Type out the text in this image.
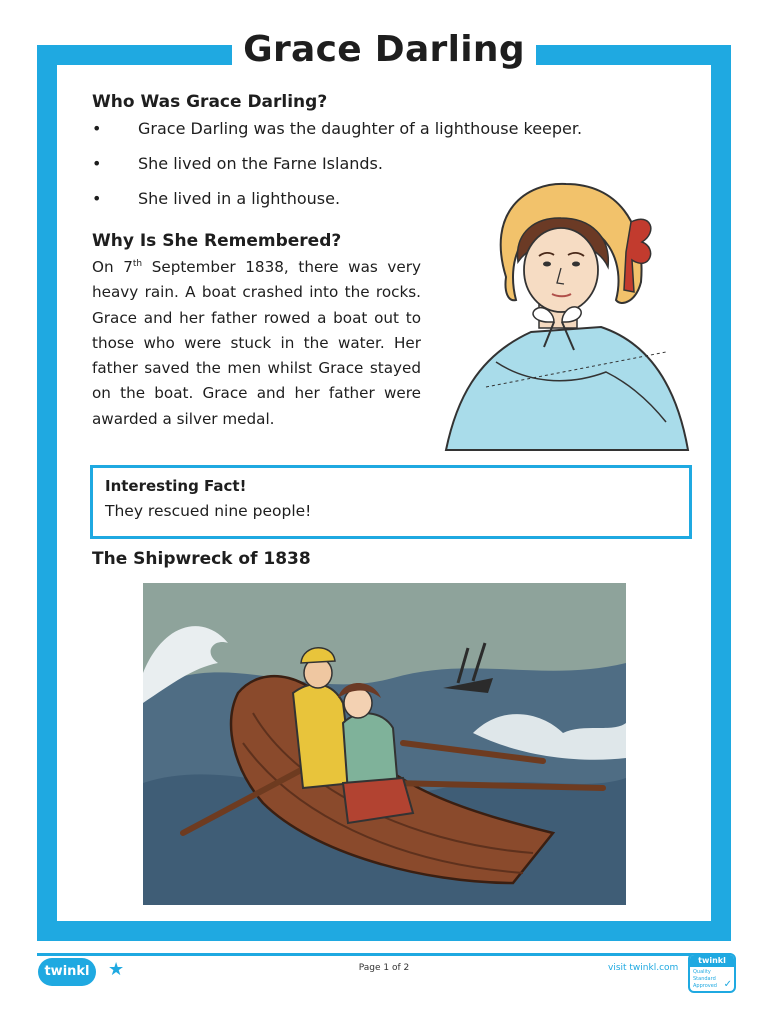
Grace Darling
Who Was Grace Darling?
• Grace Darling was the daughter of a lighthouse keeper.
• She lived on the Farne Islands.
• She lived in a lighthouse.
Why Is She Remembered?

On 7th September 1838, there was very heavy rain. A boat crashed into the rocks. Grace and her father rowed a boat out to those who were stuck in the water. Her father saved the men whilst Grace stayed on the boat. Grace and her father were awarded a silver medal.

Interesting Fact!
They rescued nine people!
The Shipwreck of 1838
twinkl	★	Page 1 of 2	visit twinkl.com
twinkl
Quality Standard Approved ✓
